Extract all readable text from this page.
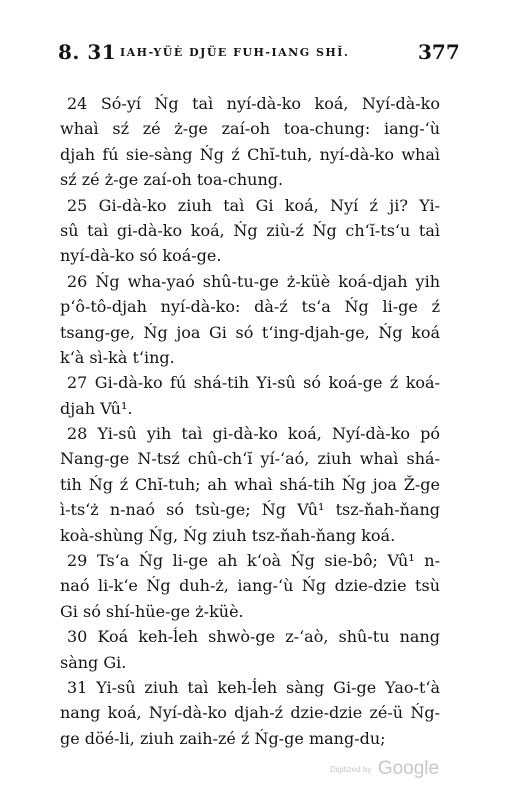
8. 31 IAH-YÜÈ DJÜE FUH-IANG SHĬ.	377
24 Só-yí Ńg taì nyí-dà-ko koá, Nyí-dà-ko
whaì sź zé ż-ge zaí-oh toa-chung: iang-‘ù
djah fú sie-sàng Ńg ź Chĭ-tuh, nyí-dà-ko whaì
sź zé ż-ge zaí-oh toa-chung.
25 Gi-dà-ko ziuh taì Gi koá, Nyí ź ji? Yi-
sû taì gi-dà-ko koá, Ńg ziù-ź Ńg ch‘ĭ-ts‘u taì
nyí-dà-ko só koá-ge.
26 Ńg wha-yaó shû-tu-ge ż-küè koá-djah yih
p‘ô-tô-djah nyí-dà-ko: dà-ź ts‘a Ńg li-ge ź
tsang-ge, Ńg joa Gi só t‘ing-djah-ge, Ńg koá
k‘à sì-kà t‘ing.
27 Gi-dà-ko fú shá-tih Yi-sû só koá-ge ź koá-
djah Vû¹.
28 Yi-sû yih taì gi-dà-ko koá, Nyí-dà-ko pó
Nang-ge N-tsź chû-ch‘ĭ yí-‘aó, ziuh whaì shá-
tih Ńg ź Chĭ-tuh; ah whaì shá-tih Ńg joa Ž-ge
ì-ts‘ż n-naó só tsù-ge; Ńg Vû¹ tsz-ňah-ňang
koà-shùng Ńg, Ńg ziuh tsz-ňah-ňang koá.
29 Ts‘a Ńg li-ge ah k‘oà Ńg sie-bô; Vû¹ n-
naó li-k‘e Ńg duh-ż, iang-‘ù Ńg dzie-dzie tsù
Gi só shí-hüe-ge ż-küè.
30 Koá keh-ĺeh shwò-ge z-‘aò, shû-tu nang
sàng Gi.
31 Yi-sû ziuh taì keh-ĺeh sàng Gi-ge Yao-t‘à
nang koá, Nyí-dà-ko djah-ź dzie-dzie zé-ü Ńg-
ge döé-li, ziuh zaih-zé ź Ńg-ge mang-du;
Digitized by Google
